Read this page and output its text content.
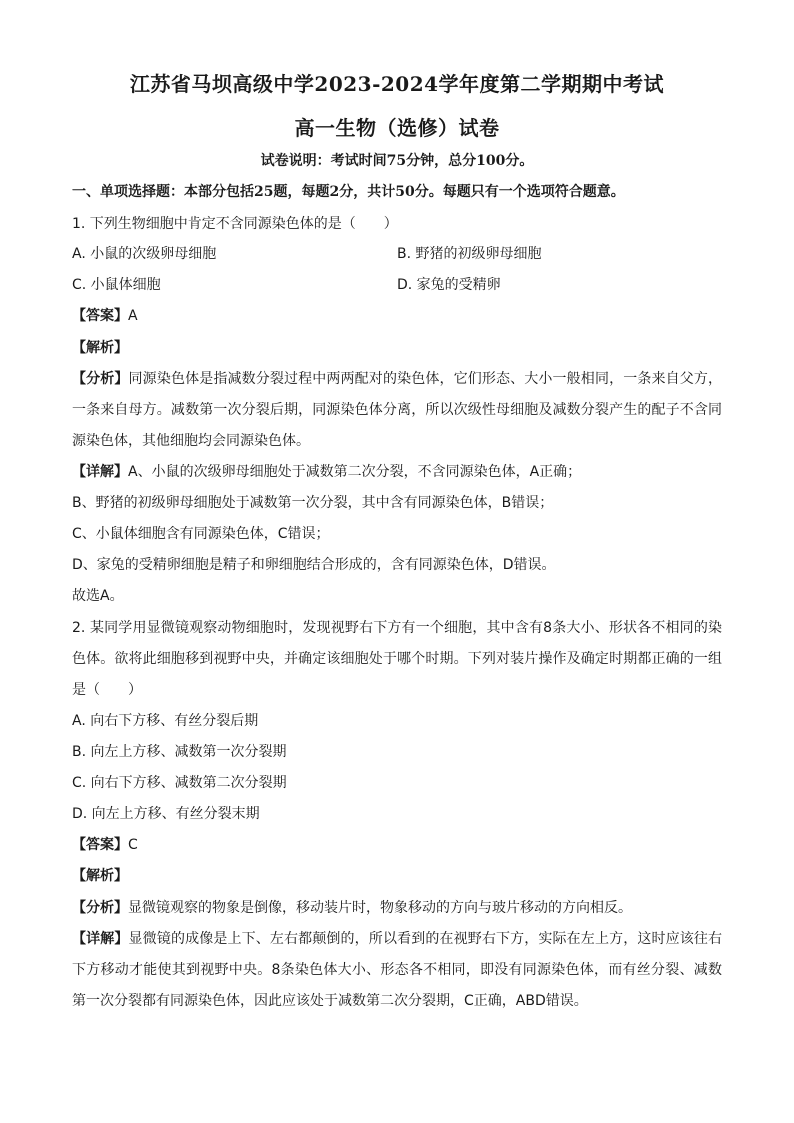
江苏省马坝高级中学2023-2024学年度第二学期期中考试
高一生物（选修）试卷
试卷说明：考试时间75分钟，总分100分。
一、单项选择题：本部分包括25题，每题2分，共计50分。每题只有一个选项符合题意。
1. 下列生物细胞中肯定不含同源染色体的是（　　）
A. 小鼠的次级卵母细胞	B. 野猪的初级卵母细胞
C. 小鼠体细胞	D. 家兔的受精卵
【答案】A
【解析】
【分析】同源染色体是指减数分裂过程中两两配对的染色体，它们形态、大小一般相同，一条来自父方，
一条来自母方。减数第一次分裂后期，同源染色体分离，所以次级性母细胞及减数分裂产生的配子不含同
源染色体，其他细胞均会同源染色体。
【详解】A、小鼠的次级卵母细胞处于减数第二次分裂，不含同源染色体，A正确；
B、野猪的初级卵母细胞处于减数第一次分裂，其中含有同源染色体，B错误；
C、小鼠体细胞含有同源染色体，C错误；
D、家兔的受精卵细胞是精子和卵细胞结合形成的，含有同源染色体，D错误。
故选A。
2. 某同学用显微镜观察动物细胞时，发现视野右下方有一个细胞，其中含有8条大小、形状各不相同的染
色体。欲将此细胞移到视野中央，并确定该细胞处于哪个时期。下列对装片操作及确定时期都正确的一组
是（　　）
A. 向右下方移、有丝分裂后期
B. 向左上方移、减数第一次分裂期
C. 向右下方移、减数第二次分裂期
D. 向左上方移、有丝分裂末期
【答案】C
【解析】
【分析】显微镜观察的物象是倒像，移动装片时，物象移动的方向与玻片移动的方向相反。
【详解】显微镜的成像是上下、左右都颠倒的，所以看到的在视野右下方，实际在左上方，这时应该往右
下方移动才能使其到视野中央。8条染色体大小、形态各不相同，即没有同源染色体，而有丝分裂、减数
第一次分裂都有同源染色体，因此应该处于减数第二次分裂期，C正确，ABD错误。
